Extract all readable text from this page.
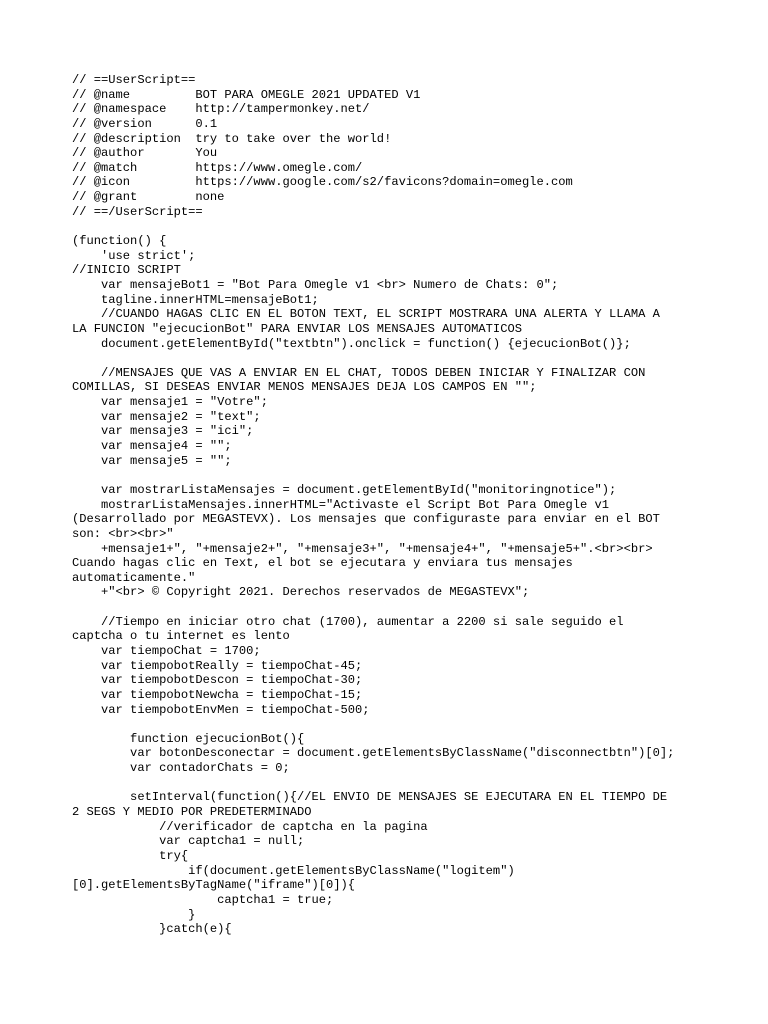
// ==UserScript==
// @name         BOT PARA OMEGLE 2021 UPDATED V1
// @namespace    http://tampermonkey.net/
// @version      0.1
// @description  try to take over the world!
// @author       You
// @match        https://www.omegle.com/
// @icon         https://www.google.com/s2/favicons?domain=omegle.com
// @grant        none
// ==/UserScript==
(function() {
'use strict';
//INICIO SCRIPT
var mensajeBot1 = "Bot Para Omegle v1 <br> Numero de Chats: 0";
tagline.innerHTML=mensajeBot1;
//CUANDO HAGAS CLIC EN EL BOTON TEXT, EL SCRIPT MOSTRARA UNA ALERTA Y LLAMA A
LA FUNCION "ejecucionBot" PARA ENVIAR LOS MENSAJES AUTOMATICOS
document.getElementById("textbtn").onclick = function() {ejecucionBot()};
//MENSAJES QUE VAS A ENVIAR EN EL CHAT, TODOS DEBEN INICIAR Y FINALIZAR CON
COMILLAS, SI DESEAS ENVIAR MENOS MENSAJES DEJA LOS CAMPOS EN "";
var mensaje1 = "Votre";
var mensaje2 = "text";
var mensaje3 = "ici";
var mensaje4 = "";
var mensaje5 = "";
var mostrarListaMensajes = document.getElementById("monitoringnotice");
mostrarListaMensajes.innerHTML="Activaste el Script Bot Para Omegle v1
(Desarrollado por MEGASTEVX). Los mensajes que configuraste para enviar en el BOT
son: <br><br>"
+mensaje1+", "+mensaje2+", "+mensaje3+", "+mensaje4+", "+mensaje5+".<br><br>
Cuando hagas clic en Text, el bot se ejecutara y enviara tus mensajes
automaticamente."
+"<br> © Copyright 2021. Derechos reservados de MEGASTEVX";
//Tiempo en iniciar otro chat (1700), aumentar a 2200 si sale seguido el
captcha o tu internet es lento
var tiempoChat = 1700;
var tiempobotReally = tiempoChat-45;
var tiempobotDescon = tiempoChat-30;
var tiempobotNewcha = tiempoChat-15;
var tiempobotEnvMen = tiempoChat-500;
function ejecucionBot(){
var botonDesconectar = document.getElementsByClassName("disconnectbtn")[0];
var contadorChats = 0;
setInterval(function(){//EL ENVIO DE MENSAJES SE EJECUTARA EN EL TIEMPO DE
2 SEGS Y MEDIO POR PREDETERMINADO
//verificador de captcha en la pagina
var captcha1 = null;
try{
if(document.getElementsByClassName("logitem")
[0].getElementsByTagName("iframe")[0]){
captcha1 = true;
}
}catch(e){
